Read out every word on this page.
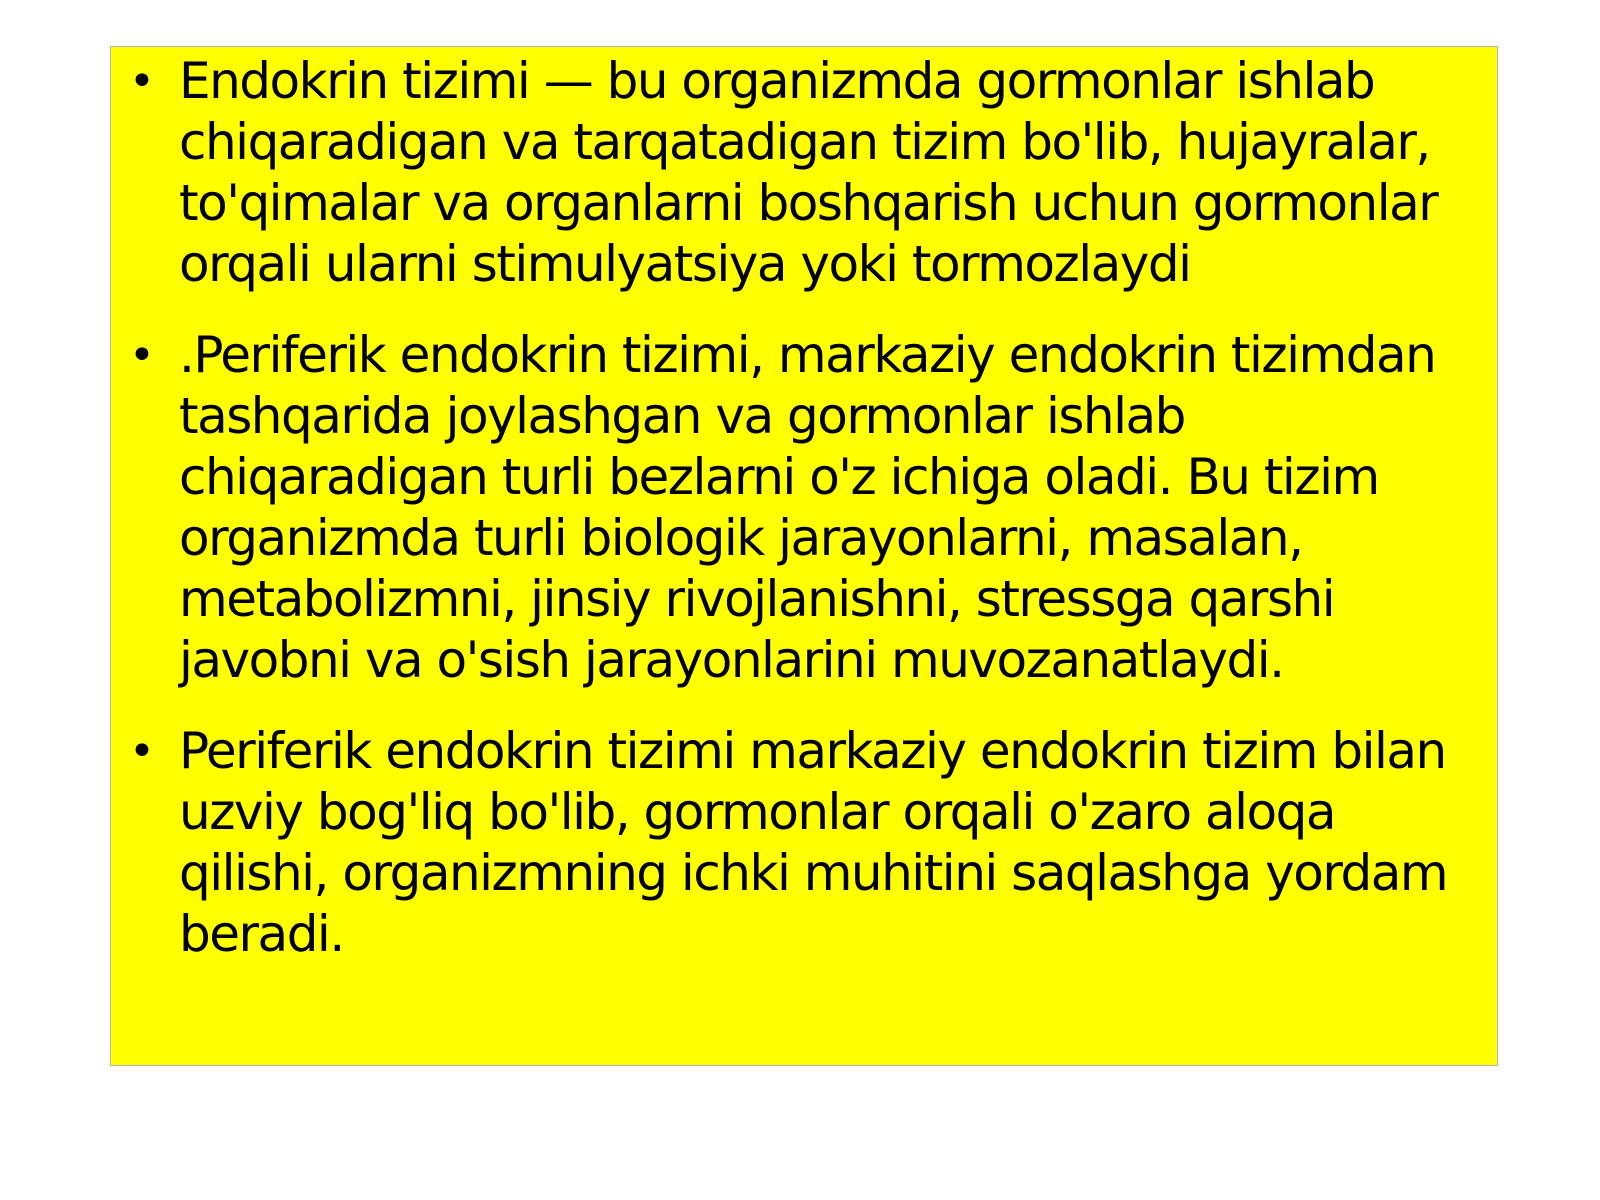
• Endokrin tizimi — bu organizmda gormonlar ishlab chiqaradigan va tarqatadigan tizim bo'lib, hujayralar, to'qimalar va organlarni boshqarish uchun gormonlar orqali ularni stimulyatsiya yoki tormozlaydi
• .Periferik endokrin tizimi, markaziy endokrin tizimdan tashqarida joylashgan va gormonlar ishlab chiqaradigan turli bezlarni o'z ichiga oladi. Bu tizim organizmda turli biologik jarayonlarni, masalan, metabolizmni, jinsiy rivojlanishni, stressga qarshi javobni va o'sish jarayonlarini muvozanatlaydi.
• Periferik endokrin tizimi markaziy endokrin tizim bilan uzviy bog'liq bo'lib, gormonlar orqali o'zaro aloqa qilishi, organizmning ichki muhitini saqlashga yordam beradi.
